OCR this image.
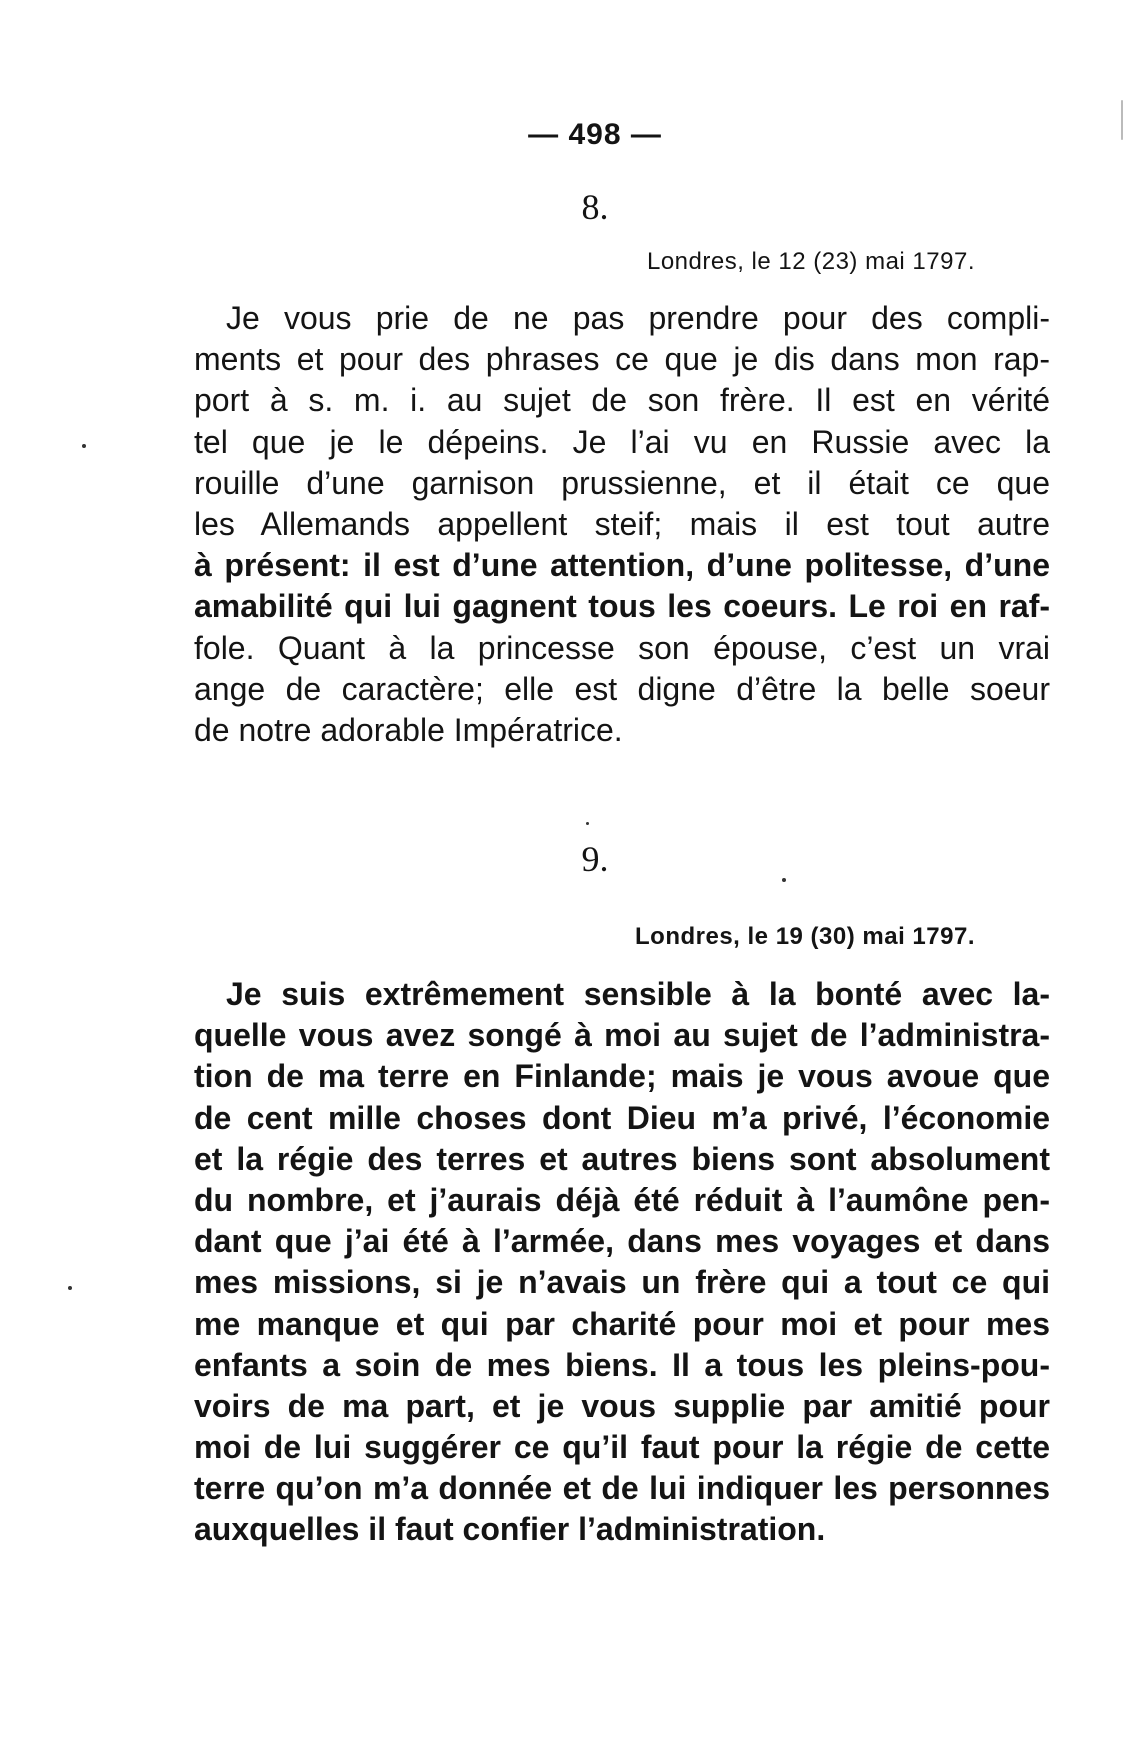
— 498 —
8.
Londres, le 12 (23) mai 1797.
Je vous prie de ne pas prendre pour des compli-
ments et pour des phrases ce que je dis dans mon rap-
port à s. m. i. au sujet de son frère. Il est en vérité
tel que je le dépeins. Je l’ai vu en Russie avec la
rouille d’une garnison prussienne, et il était ce que
les Allemands appellent steif; mais il est tout autre
à présent: il est d’une attention, d’une politesse, d’une
amabilité qui lui gagnent tous les coeurs. Le roi en raf-
fole. Quant à la princesse son épouse, c’est un vrai
ange de caractère; elle est digne d’être la belle soeur
de notre adorable Impératrice.
9.
Londres, le 19 (30) mai 1797.
Je suis extrêmement sensible à la bonté avec la-
quelle vous avez songé à moi au sujet de l’administra-
tion de ma terre en Finlande; mais je vous avoue que
de cent mille choses dont Dieu m’a privé, l’économie
et la régie des terres et autres biens sont absolument
du nombre, et j’aurais déjà été réduit à l’aumône pen-
dant que j’ai été à l’armée, dans mes voyages et dans
mes missions, si je n’avais un frère qui a tout ce qui
me manque et qui par charité pour moi et pour mes
enfants a soin de mes biens. Il a tous les pleins-pou-
voirs de ma part, et je vous supplie par amitié pour
moi de lui suggérer ce qu’il faut pour la régie de cette
terre qu’on m’a donnée et de lui indiquer les personnes
auxquelles il faut confier l’administration.
